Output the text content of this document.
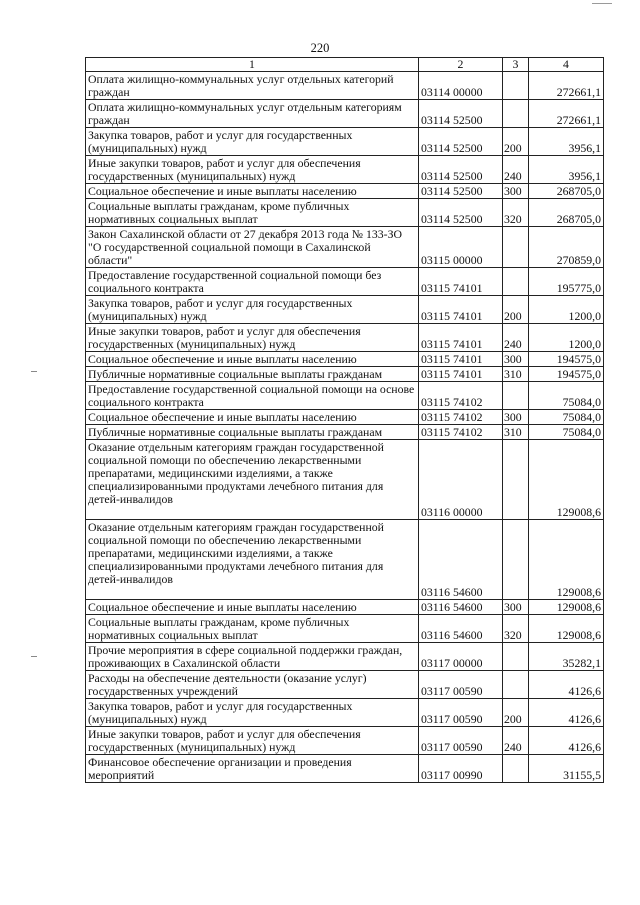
220
1	2	3	4
Оплата жилищно-коммунальных услуг отдельных категорий граждан	03114 00000		272661,1
Оплата жилищно-коммунальных услуг отдельным категориям граждан	03114 52500		272661,1
Закупка товаров, работ и услуг для государственных (муниципальных) нужд	03114 52500	200	3956,1
Иные закупки товаров, работ и услуг для обеспечения государственных (муниципальных) нужд	03114 52500	240	3956,1
Социальное обеспечение и иные выплаты населению	03114 52500	300	268705,0
Социальные выплаты гражданам, кроме публичных нормативных социальных выплат	03114 52500	320	268705,0
Закон Сахалинской области от 27 декабря 2013 года № 133-ЗО "О государственной социальной помощи в Сахалинской области"	03115 00000		270859,0
Предоставление государственной социальной помощи без социального контракта	03115 74101		195775,0
Закупка товаров, работ и услуг для государственных (муниципальных) нужд	03115 74101	200	1200,0
Иные закупки товаров, работ и услуг для обеспечения государственных (муниципальных) нужд	03115 74101	240	1200,0
Социальное обеспечение и иные выплаты населению	03115 74101	300	194575,0
Публичные нормативные социальные выплаты гражданам	03115 74101	310	194575,0
Предоставление государственной социальной помощи на основе социального контракта	03115 74102		75084,0
Социальное обеспечение и иные выплаты населению	03115 74102	300	75084,0
Публичные нормативные социальные выплаты гражданам	03115 74102	310	75084,0
Оказание отдельным категориям граждан государственной социальной помощи по обеспечению лекарственными препаратами, медицинскими изделиями, а также специализированными продуктами лечебного питания для детей-инвалидов	03116 00000		129008,6
Оказание отдельным категориям граждан государственной социальной помощи по обеспечению лекарственными препаратами, медицинскими изделиями, а также специализированными продуктами лечебного питания для детей-инвалидов	03116 54600		129008,6
Социальное обеспечение и иные выплаты населению	03116 54600	300	129008,6
Социальные выплаты гражданам, кроме публичных нормативных социальных выплат	03116 54600	320	129008,6
Прочие мероприятия в сфере социальной поддержки граждан, проживающих в Сахалинской области	03117 00000		35282,1
Расходы на обеспечение деятельности (оказание услуг) государственных учреждений	03117 00590		4126,6
Закупка товаров, работ и услуг для государственных (муниципальных) нужд	03117 00590	200	4126,6
Иные закупки товаров, работ и услуг для обеспечения государственных (муниципальных) нужд	03117 00590	240	4126,6
Финансовое обеспечение организации и проведения мероприятий	03117 00990		31155,5
